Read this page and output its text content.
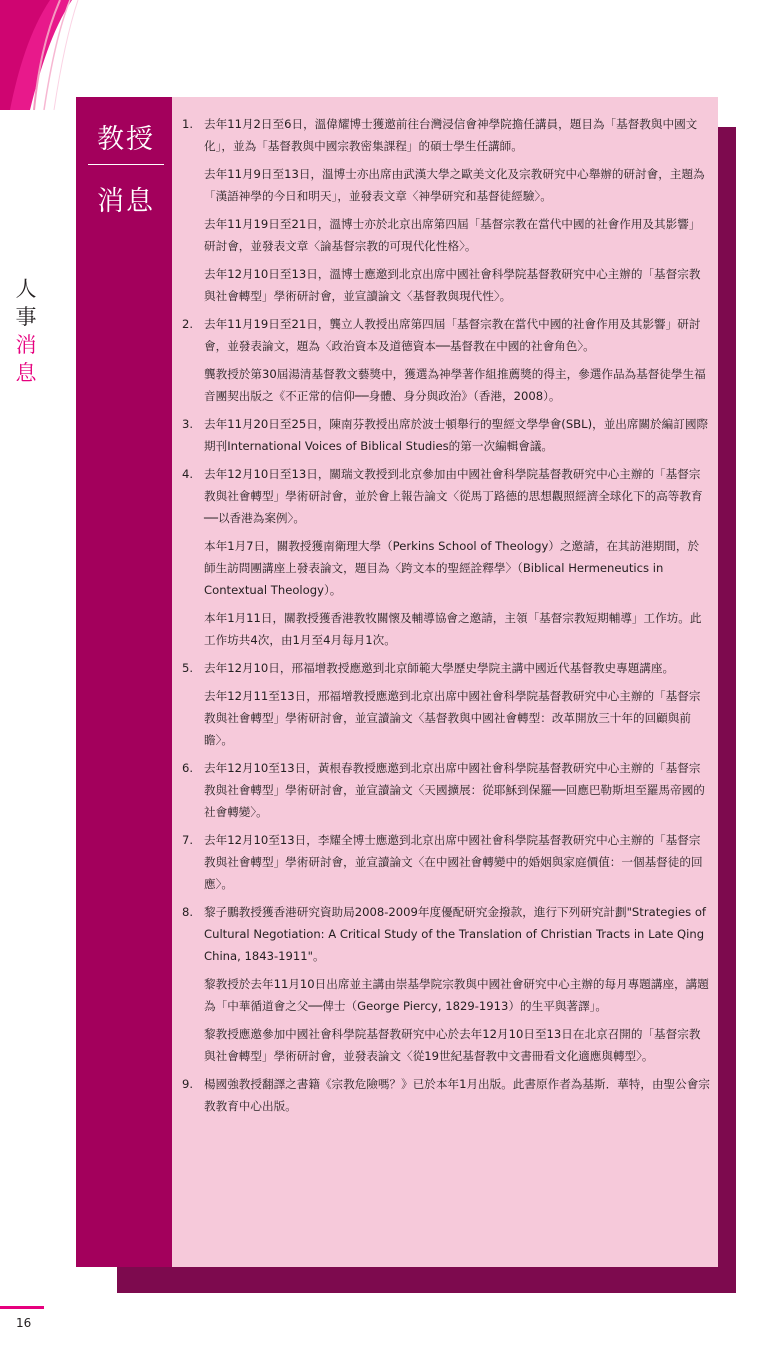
人
事
消
息
教授
消息
1. 去年11月2日至6日，溫偉耀博士獲邀前往台灣浸信會神學院擔任講員，題目為「基督教與中國文化」，並為「基督教與中國宗教密集課程」的碩士學生任講師。

去年11月9日至13日，溫博士亦出席由武漢大學之歐美文化及宗教研究中心舉辦的研討會，主題為「漢語神學的今日和明天」，並發表文章〈神學研究和基督徒經驗〉。

去年11月19日至21日，溫博士亦於北京出席第四屆「基督宗教在當代中國的社會作用及其影響」研討會，並發表文章〈論基督宗教的可現代化性格〉。

去年12月10日至13日，溫博士應邀到北京出席中國社會科學院基督教研究中心主辦的「基督宗教與社會轉型」學術研討會，並宣讀論文〈基督教與現代性〉。

2. 去年11月19日至21日，龔立人教授出席第四屆「基督宗教在當代中國的社會作用及其影響」研討會，並發表論文，題為〈政治資本及道德資本──基督教在中國的社會角色〉。

龔教授於第30屆湯清基督教文藝獎中，獲選為神學著作組推薦獎的得主，參選作品為基督徒學生福音團契出版之《不正常的信仰──身體、身分與政治》（香港，2008）。

3. 去年11月20日至25日，陳南芬教授出席於波士頓舉行的聖經文學學會(SBL)，並出席關於編訂國際期刊International Voices of Biblical Studies的第一次編輯會議。

4. 去年12月10日至13日，關瑞文教授到北京參加由中國社會科學院基督教研究中心主辦的「基督宗教與社會轉型」學術研討會，並於會上報告論文〈從馬丁路德的思想觀照經濟全球化下的高等教育──以香港為案例〉。

本年1月7日，關教授獲南衛理大學（Perkins School of Theology）之邀請，在其訪港期間，於師生訪問團講座上發表論文，題目為〈跨文本的聖經詮釋學〉（Biblical Hermeneutics in Contextual Theology）。

本年1月11日，關教授獲香港教牧關懷及輔導協會之邀請，主領「基督宗教短期輔導」工作坊。此工作坊共4次，由1月至4月每月1次。

5. 去年12月10日，邢福增教授應邀到北京師範大學歷史學院主講中國近代基督教史專題講座。

去年12月11至13日，邢福增教授應邀到北京出席中國社會科學院基督教研究中心主辦的「基督宗教與社會轉型」學術研討會，並宣讀論文〈基督教與中國社會轉型：改革開放三十年的回顧與前瞻〉。

6. 去年12月10至13日，黃根春教授應邀到北京出席中國社會科學院基督教研究中心主辦的「基督宗教與社會轉型」學術研討會，並宣讀論文〈天國擴展：從耶穌到保羅──回應巴勒斯坦至羅馬帝國的社會轉變〉。

7. 去年12月10至13日，李耀全博士應邀到北京出席中國社會科學院基督教研究中心主辦的「基督宗教與社會轉型」學術研討會，並宣讀論文〈在中國社會轉變中的婚姻與家庭價值：一個基督徒的回應〉。

8. 黎子鵬教授獲香港研究資助局2008-2009年度優配研究金撥款，進行下列研究計劃"Strategies of Cultural Negotiation: A Critical Study of the Translation of Christian Tracts in Late Qing China, 1843-1911"。

黎教授於去年11月10日出席並主講由崇基學院宗教與中國社會研究中心主辦的每月專題講座，講題為「中華循道會之父──俾士（George Piercy, 1829-1913）的生平與著譯」。

黎教授應邀參加中國社會科學院基督教研究中心於去年12月10日至13日在北京召開的「基督宗教與社會轉型」學術研討會，並發表論文〈從19世紀基督教中文書冊看文化適應與轉型〉。

9. 楊國強教授翻譯之書籍《宗教危險嗎？》已於本年1月出版。此書原作者為基斯．華特，由聖公會宗教教育中心出版。

16
